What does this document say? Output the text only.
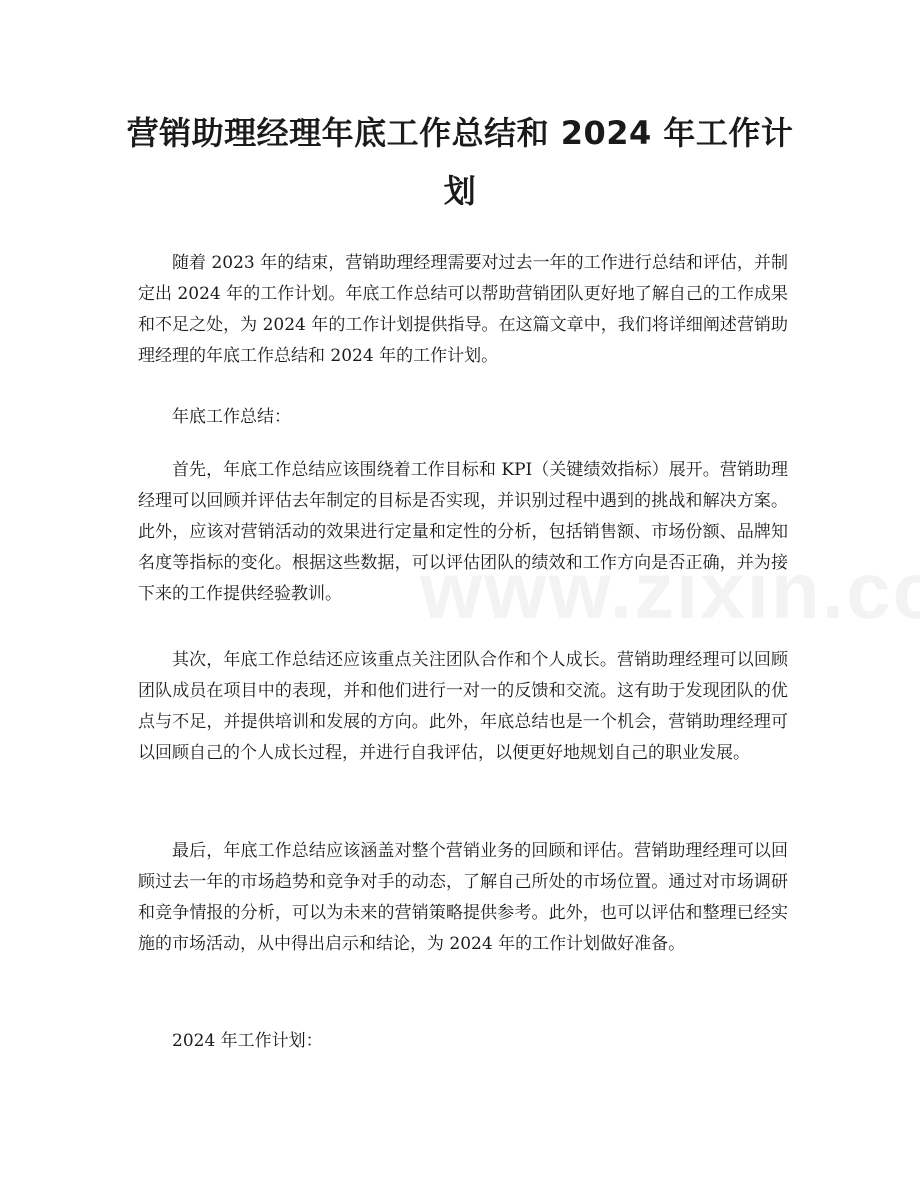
营销助理经理年底工作总结和 2024 年工作计划

随着 2023 年的结束，营销助理经理需要对过去一年的工作进行总结和评估，并制定出 2024 年的工作计划。年底工作总结可以帮助营销团队更好地了解自己的工作成果和不足之处，为 2024 年的工作计划提供指导。在这篇文章中，我们将详细阐述营销助理经理的年底工作总结和 2024 年的工作计划。

年底工作总结：

首先，年底工作总结应该围绕着工作目标和 KPI（关键绩效指标）展开。营销助理经理可以回顾并评估去年制定的目标是否实现，并识别过程中遇到的挑战和解决方案。此外，应该对营销活动的效果进行定量和定性的分析，包括销售额、市场份额、品牌知名度等指标的变化。根据这些数据，可以评估团队的绩效和工作方向是否正确，并为接下来的工作提供经验教训。

其次，年底工作总结还应该重点关注团队合作和个人成长。营销助理经理可以回顾团队成员在项目中的表现，并和他们进行一对一的反馈和交流。这有助于发现团队的优点与不足，并提供培训和发展的方向。此外，年底总结也是一个机会，营销助理经理可以回顾自己的个人成长过程，并进行自我评估，以便更好地规划自己的职业发展。

最后，年底工作总结应该涵盖对整个营销业务的回顾和评估。营销助理经理可以回顾过去一年的市场趋势和竞争对手的动态，了解自己所处的市场位置。通过对市场调研和竞争情报的分析，可以为未来的营销策略提供参考。此外，也可以评估和整理已经实施的市场活动，从中得出启示和结论，为 2024 年的工作计划做好准备。

2024 年工作计划：
